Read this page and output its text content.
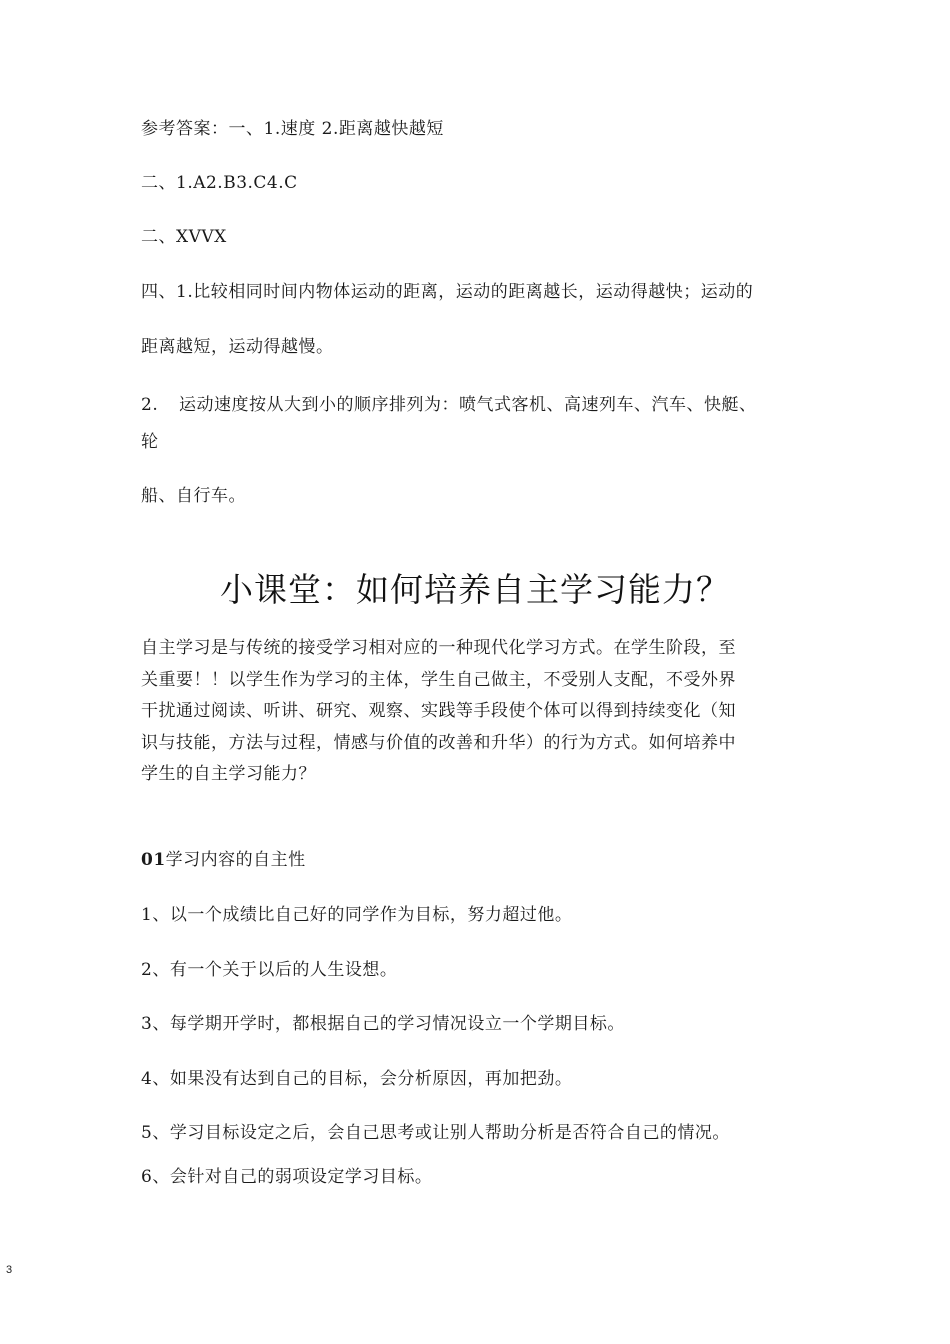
参考答案：一、1.速度 2.距离越快越短
二、1.A2.B3.C4.C
二、XVVX
四、1.比较相同时间内物体运动的距离，运动的距离越长，运动得越快；运动的
距离越短，运动得越慢。
2. 运动速度按从大到小的顺序排列为：喷气式客机、高速列车、汽车、快艇、
轮
船、自行车。
小课堂：如何培养自主学习能力？
自主学习是与传统的接受学习相对应的一种现代化学习方式。在学生阶段，至
关重要！！以学生作为学习的主体，学生自己做主，不受别人支配，不受外界
干扰通过阅读、听讲、研究、观察、实践等手段使个体可以得到持续变化（知
识与技能，方法与过程，情感与价值的改善和升华）的行为方式。如何培养中
学生的自主学习能力？
01学习内容的自主性
1、以一个成绩比自己好的同学作为目标，努力超过他。
2、有一个关于以后的人生设想。
3、每学期开学时，都根据自己的学习情况设立一个学期目标。
4、如果没有达到自己的目标，会分析原因，再加把劲。
5、学习目标设定之后，会自己思考或让别人帮助分析是否符合自己的情况。
6、会针对自己的弱项设定学习目标。
3
